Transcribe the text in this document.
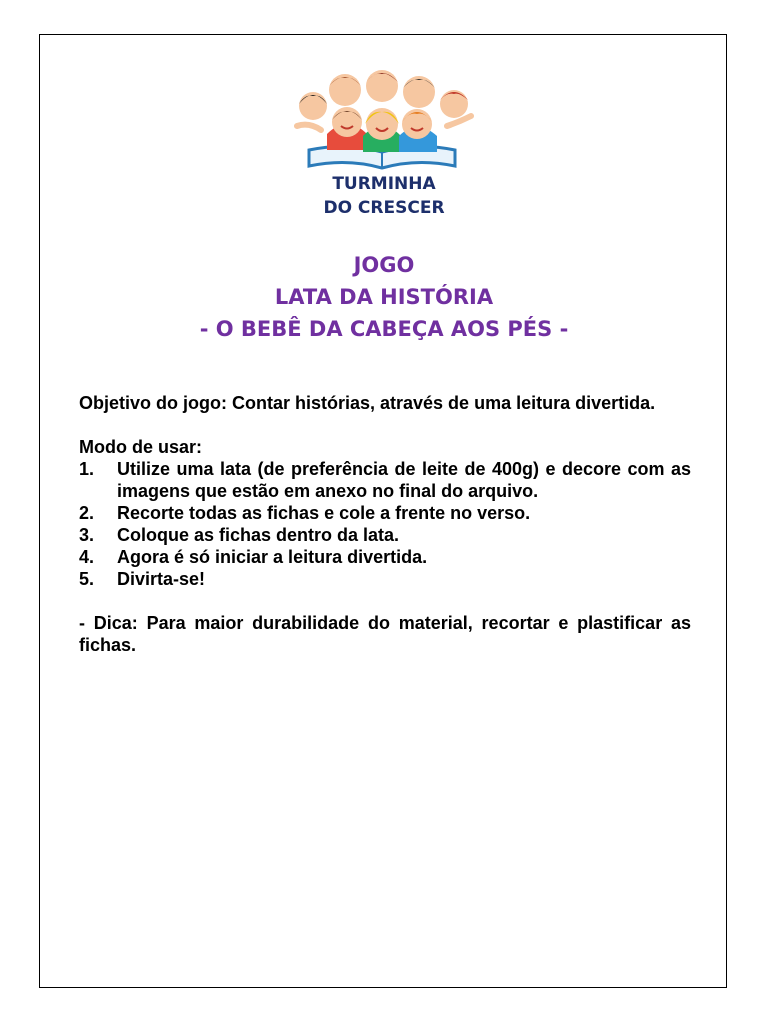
TURMINHA
DO CRESCER
JOGO
LATA DA HISTÓRIA
- O BEBÊ DA CABEÇA AOS PÉS -

Objetivo do jogo: Contar histórias, através de uma leitura divertida.

Modo de usar:

1. Utilize uma lata (de preferência de leite de 400g) e decore com as imagens que estão em anexo no final do arquivo.
2. Recorte todas as fichas e cole a frente no verso.
3. Coloque as fichas dentro da lata.
4. Agora é só iniciar a leitura divertida.
5. Divirta-se!

- Dica: Para maior durabilidade do material, recortar e plastificar as fichas.
